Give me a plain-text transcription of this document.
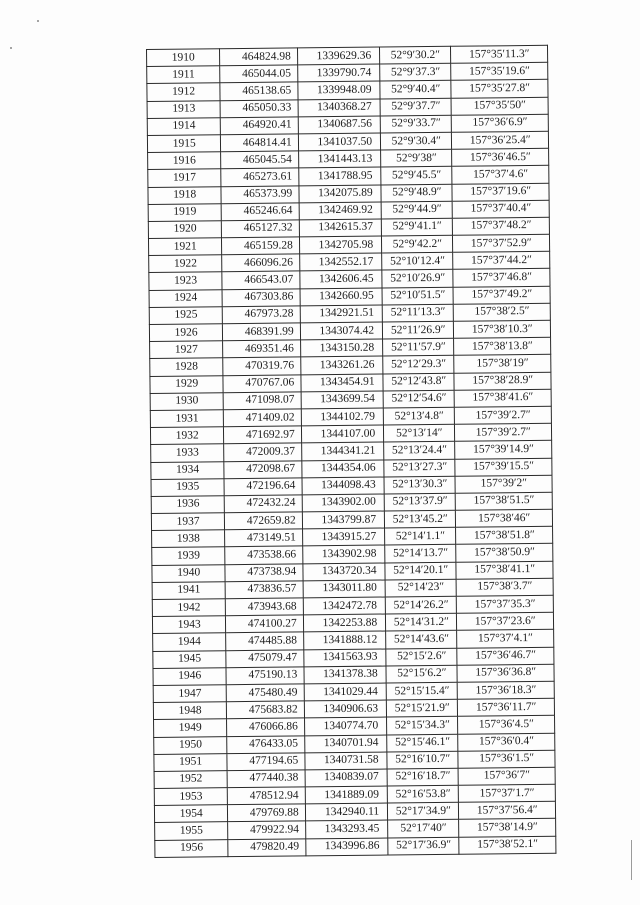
1910	464824.98	1339629.36	52°9′30.2″	157°35′11.3″
1911	465044.05	1339790.74	52°9′37.3″	157°35′19.6″
1912	465138.65	1339948.09	52°9′40.4″	157°35′27.8″
1913	465050.33	1340368.27	52°9′37.7″	157°35′50″
1914	464920.41	1340687.56	52°9′33.7″	157°36′6.9″
1915	464814.41	1341037.50	52°9′30.4″	157°36′25.4″
1916	465045.54	1341443.13	52°9′38″	157°36′46.5″
1917	465273.61	1341788.95	52°9′45.5″	157°37′4.6″
1918	465373.99	1342075.89	52°9′48.9″	157°37′19.6″
1919	465246.64	1342469.92	52°9′44.9″	157°37′40.4″
1920	465127.32	1342615.37	52°9′41.1″	157°37′48.2″
1921	465159.28	1342705.98	52°9′42.2″	157°37′52.9″
1922	466096.26	1342552.17	52°10′12.4″	157°37′44.2″
1923	466543.07	1342606.45	52°10′26.9″	157°37′46.8″
1924	467303.86	1342660.95	52°10′51.5″	157°37′49.2″
1925	467973.28	1342921.51	52°11′13.3″	157°38′2.5″
1926	468391.99	1343074.42	52°11′26.9″	157°38′10.3″
1927	469351.46	1343150.28	52°11′57.9″	157°38′13.8″
1928	470319.76	1343261.26	52°12′29.3″	157°38′19″
1929	470767.06	1343454.91	52°12′43.8″	157°38′28.9″
1930	471098.07	1343699.54	52°12′54.6″	157°38′41.6″
1931	471409.02	1344102.79	52°13′4.8″	157°39′2.7″
1932	471692.97	1344107.00	52°13′14″	157°39′2.7″
1933	472009.37	1344341.21	52°13′24.4″	157°39′14.9″
1934	472098.67	1344354.06	52°13′27.3″	157°39′15.5″
1935	472196.64	1344098.43	52°13′30.3″	157°39′2″
1936	472432.24	1343902.00	52°13′37.9″	157°38′51.5″
1937	472659.82	1343799.87	52°13′45.2″	157°38′46″
1938	473149.51	1343915.27	52°14′1.1″	157°38′51.8″
1939	473538.66	1343902.98	52°14′13.7″	157°38′50.9″
1940	473738.94	1343720.34	52°14′20.1″	157°38′41.1″
1941	473836.57	1343011.80	52°14′23″	157°38′3.7″
1942	473943.68	1342472.78	52°14′26.2″	157°37′35.3″
1943	474100.27	1342253.88	52°14′31.2″	157°37′23.6″
1944	474485.88	1341888.12	52°14′43.6″	157°37′4.1″
1945	475079.47	1341563.93	52°15′2.6″	157°36′46.7″
1946	475190.13	1341378.38	52°15′6.2″	157°36′36.8″
1947	475480.49	1341029.44	52°15′15.4″	157°36′18.3″
1948	475683.82	1340906.63	52°15′21.9″	157°36′11.7″
1949	476066.86	1340774.70	52°15′34.3″	157°36′4.5″
1950	476433.05	1340701.94	52°15′46.1″	157°36′0.4″
1951	477194.65	1340731.58	52°16′10.7″	157°36′1.5″
1952	477440.38	1340839.07	52°16′18.7″	157°36′7″
1953	478512.94	1341889.09	52°16′53.8″	157°37′1.7″
1954	479769.88	1342940.11	52°17′34.9″	157°37′56.4″
1955	479922.94	1343293.45	52°17′40″	157°38′14.9″
1956	479820.49	1343996.86	52°17′36.9″	157°38′52.1″
